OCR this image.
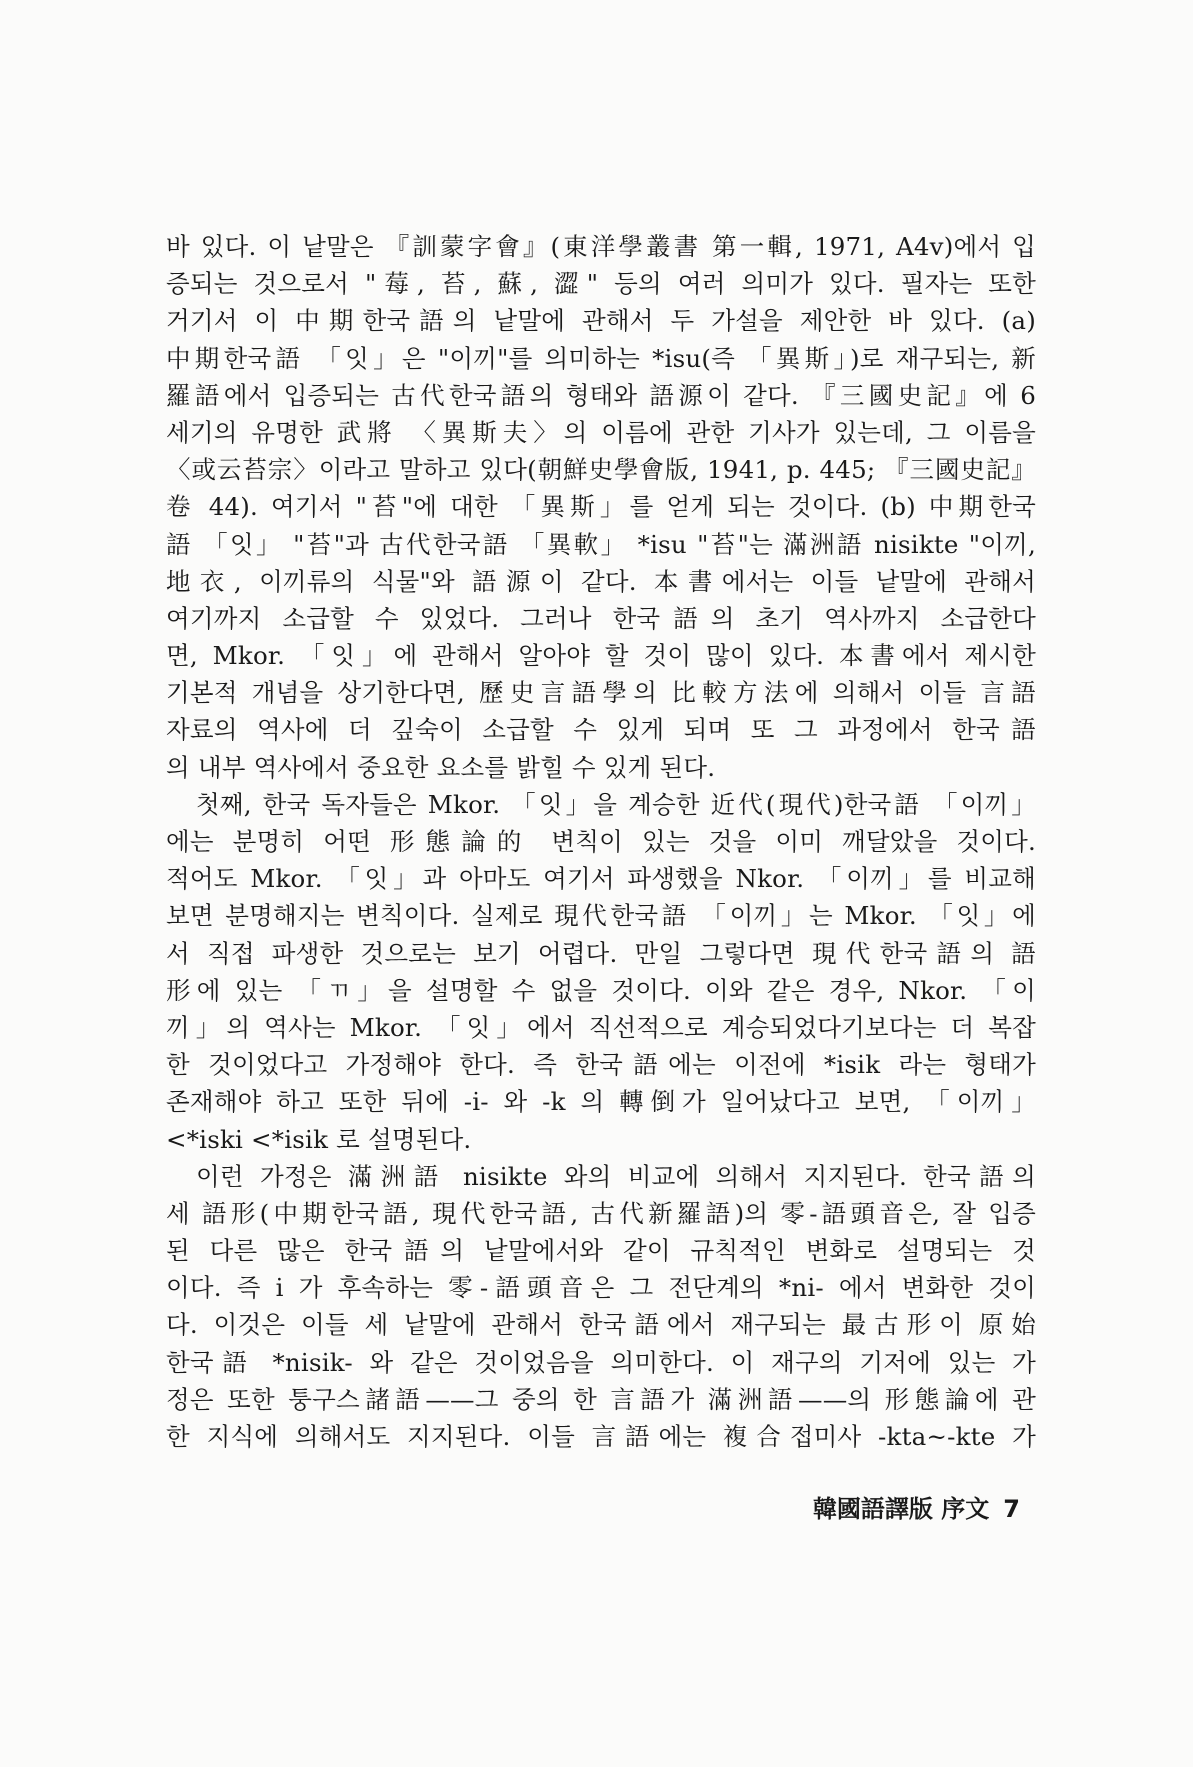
바 있다. 이 낱말은 『訓蒙字會』(東洋學叢書 第一輯, 1971, A4v)에서 입
증되는 것으로서 "莓, 苔, 蘇, 澀" 등의 여러 의미가 있다. 필자는 또한
거기서 이 中期한국語의 낱말에 관해서 두 가설을 제안한 바 있다. (a)
中期한국語 「잇」은 "이끼"를 의미하는 *isu(즉 「異斯」)로 재구되는, 新
羅語에서 입증되는 古代한국語의 형태와 語源이 같다. 『三國史記』에 6
세기의 유명한 武將 〈異斯夫〉의 이름에 관한 기사가 있는데, 그 이름을
〈或云苔宗〉이라고 말하고 있다(朝鮮史學會版, 1941, p. 445; 『三國史記』
卷 44). 여기서 "苔"에 대한 「異斯」를 얻게 되는 것이다. (b) 中期한국
語 「잇」 "苔"과 古代한국語 「異軟」 *isu "苔"는 滿洲語 nisikte "이끼,
地衣, 이끼류의 식물"와 語源이 같다. 本書에서는 이들 낱말에 관해서
여기까지 소급할 수 있었다. 그러나 한국語의 초기 역사까지 소급한다
면, Mkor. 「잇」에 관해서 알아야 할 것이 많이 있다. 本書에서 제시한
기본적 개념을 상기한다면, 歷史言語學의 比較方法에 의해서 이들 言語
자료의 역사에 더 깊숙이 소급할 수 있게 되며 또 그 과정에서 한국語
의 내부 역사에서 중요한 요소를 밝힐 수 있게 된다.
첫째, 한국 독자들은 Mkor. 「잇」을 계승한 近代(現代)한국語 「이끼」
에는 분명히 어떤 形態論的 변칙이 있는 것을 이미 깨달았을 것이다.
적어도 Mkor. 「잇」과 아마도 여기서 파생했을 Nkor. 「이끼」를 비교해
보면 분명해지는 변칙이다. 실제로 現代한국語 「이끼」는 Mkor. 「잇」에
서 직접 파생한 것으로는 보기 어렵다. 만일 그렇다면 現代한국語의 語
形에 있는 「ㄲ」을 설명할 수 없을 것이다. 이와 같은 경우, Nkor. 「이
끼」의 역사는 Mkor. 「잇」에서 직선적으로 계승되었다기보다는 더 복잡
한 것이었다고 가정해야 한다. 즉 한국語에는 이전에 *isik 라는 형태가
존재해야 하고 또한 뒤에 -i- 와 -k 의 轉倒가 일어났다고 보면, 「이끼」
<*iski <*isik 로 설명된다.
이런 가정은 滿洲語 nisikte 와의 비교에 의해서 지지된다. 한국語의
세 語形(中期한국語, 現代한국語, 古代新羅語)의 零-語頭音은, 잘 입증
된 다른 많은 한국語의 낱말에서와 같이 규칙적인 변화로 설명되는 것
이다. 즉 i 가 후속하는 零-語頭音은 그 전단계의 *ni- 에서 변화한 것이
다. 이것은 이들 세 낱말에 관해서 한국語에서 재구되는 最古形이 原始
한국語 *nisik- 와 같은 것이었음을 의미한다. 이 재구의 기저에 있는 가
정은 또한 퉁구스諸語——그 중의 한 言語가 滿洲語——의 形態論에 관
한 지식에 의해서도 지지된다. 이들 言語에는 複合접미사 -kta~-kte 가
韓國語譯版 序文 7
